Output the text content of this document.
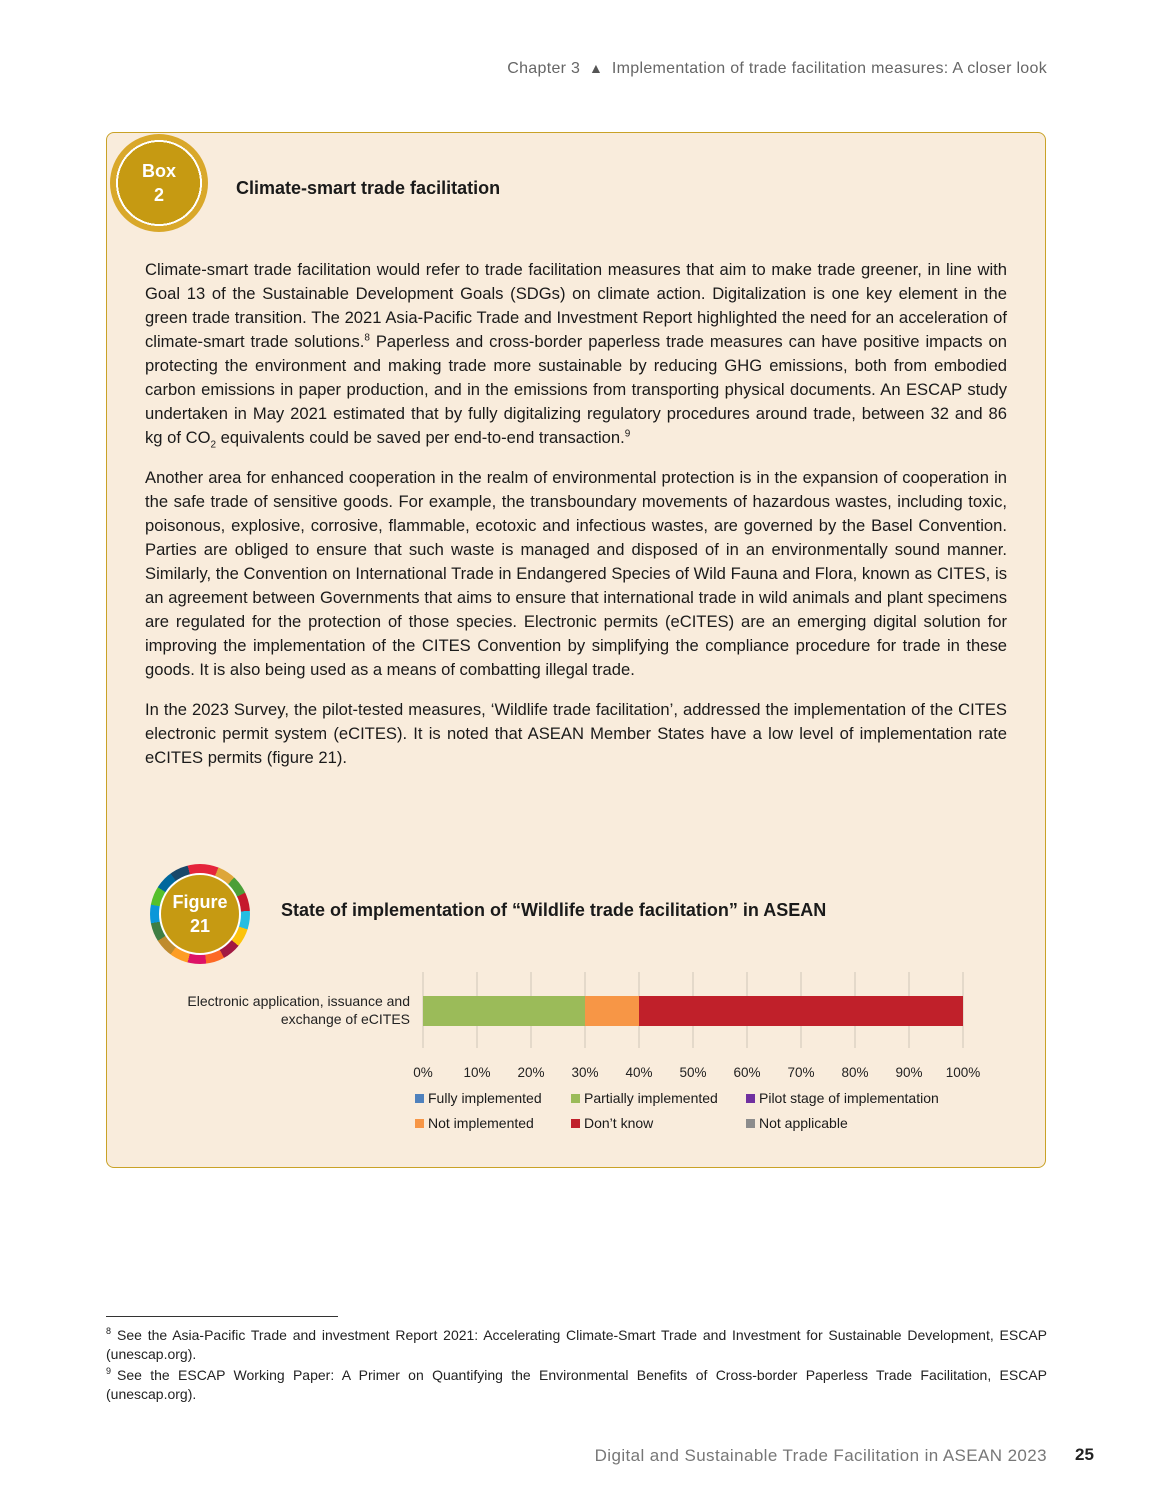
Chapter 3 ▲ Implementation of trade facilitation measures: A closer look
Box
2	Climate-smart trade facilitation

Climate-smart trade facilitation would refer to trade facilitation measures that aim to make trade greener, in line with Goal 13 of the Sustainable Development Goals (SDGs) on climate action. Digitalization is one key element in the green trade transition. The 2021 Asia-Pacific Trade and Investment Report highlighted the need for an acceleration of climate-smart trade solutions.$^8$ Paperless and cross-border paperless trade measures can have positive impacts on protecting the environment and making trade more sustainable by reducing GHG emissions, both from embodied carbon emissions in paper production, and in the emissions from transporting physical documents. An ESCAP study undertaken in May 2021 estimated that by fully digitalizing regulatory procedures around trade, between 32 and 86 kg of $CO_2$ equivalents could be saved per end-to-end transaction.$^9$

Another area for enhanced cooperation in the realm of environmental protection is in the expansion of cooperation in the safe trade of sensitive goods. For example, the transboundary movements of hazardous wastes, including toxic, poisonous, explosive, corrosive, flammable, ecotoxic and infectious wastes, are governed by the Basel Convention. Parties are obliged to ensure that such waste is managed and disposed of in an environmentally sound manner. Similarly, the Convention on International Trade in Endangered Species of Wild Fauna and Flora, known as CITES, is an agreement between Governments that aims to ensure that international trade in wild animals and plant specimens are regulated for the protection of those species. Electronic permits (eCITES) are an emerging digital solution for improving the implementation of the CITES Convention by simplifying the compliance procedure for trade in these goods. It is also being used as a means of combatting illegal trade.

In the 2023 Survey, the pilot-tested measures, ‘Wildlife trade facilitation’, addressed the implementation of the CITES electronic permit system (eCITES). It is noted that ASEAN Member States have a low level of implementation rate eCITES permits (figure 21).

Figure
21
State of implementation of “Wildlife trade facilitation” in ASEAN
0% 10% 20% 30% 40% 50% 60% 70% 80% 90% 100%
Electronic application, issuance and
exchange of eCITES
Fully implemented	Partially implemented	Pilot stage of implementation
Not implemented	Don’t know	Not applicable

$^8$ See the Asia-Pacific Trade and investment Report 2021: Accelerating Climate-Smart Trade and Investment for Sustainable Development, ESCAP (unescap.org).

$^9$ See the ESCAP Working Paper: A Primer on Quantifying the Environmental Benefits of Cross-border Paperless Trade Facilitation, ESCAP (unescap.org).

Digital and Sustainable Trade Facilitation in ASEAN 2023 25
